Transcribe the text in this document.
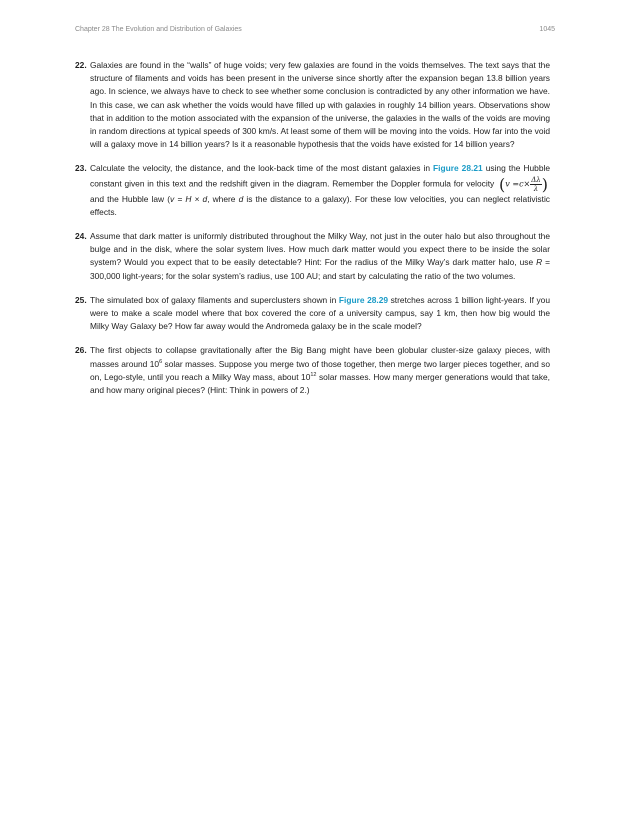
Chapter 28 The Evolution and Distribution of Galaxies	1045
22. Galaxies are found in the “walls” of huge voids; very few galaxies are found in the voids themselves. The text says that the structure of filaments and voids has been present in the universe since shortly after the expansion began 13.8 billion years ago. In science, we always have to check to see whether some conclusion is contradicted by any other information we have. In this case, we can ask whether the voids would have filled up with galaxies in roughly 14 billion years. Observations show that in addition to the motion associated with the expansion of the universe, the galaxies in the walls of the voids are moving in random directions at typical speeds of 300 km/s. At least some of them will be moving into the voids. How far into the void will a galaxy move in 14 billion years? Is it a reasonable hypothesis that the voids have existed for 14 billion years?
23. Calculate the velocity, the distance, and the look-back time of the most distant galaxies in Figure 28.21 using the Hubble constant given in this text and the redshift given in the diagram. Remember the Doppler formula for velocity ($v =c\times \frac{\Delta\lambda}{\lambda}$ ) and the Hubble law (v = H × d, where d is the distance to a galaxy). For these low velocities, you can neglect relativistic effects.
24. Assume that dark matter is uniformly distributed throughout the Milky Way, not just in the outer halo but also throughout the bulge and in the disk, where the solar system lives. How much dark matter would you expect there to be inside the solar system? Would you expect that to be easily detectable? Hint: For the radius of the Milky Way’s dark matter halo, use R = 300,000 light-years; for the solar system’s radius, use 100 AU; and start by calculating the ratio of the two volumes.
25. The simulated box of galaxy filaments and superclusters shown in Figure 28.29 stretches across 1 billion light-years. If you were to make a scale model where that box covered the core of a university campus, say 1 km, then how big would the Milky Way Galaxy be? How far away would the Andromeda galaxy be in the scale model?
26. The first objects to collapse gravitationally after the Big Bang might have been globular cluster-size galaxy pieces, with masses around $10^6$ solar masses. Suppose you merge two of those together, then merge two larger pieces together, and so on, Lego-style, until you reach a Milky Way mass, about $10^{12}$ solar masses. How many merger generations would that take, and how many original pieces? (Hint: Think in powers of 2.)
